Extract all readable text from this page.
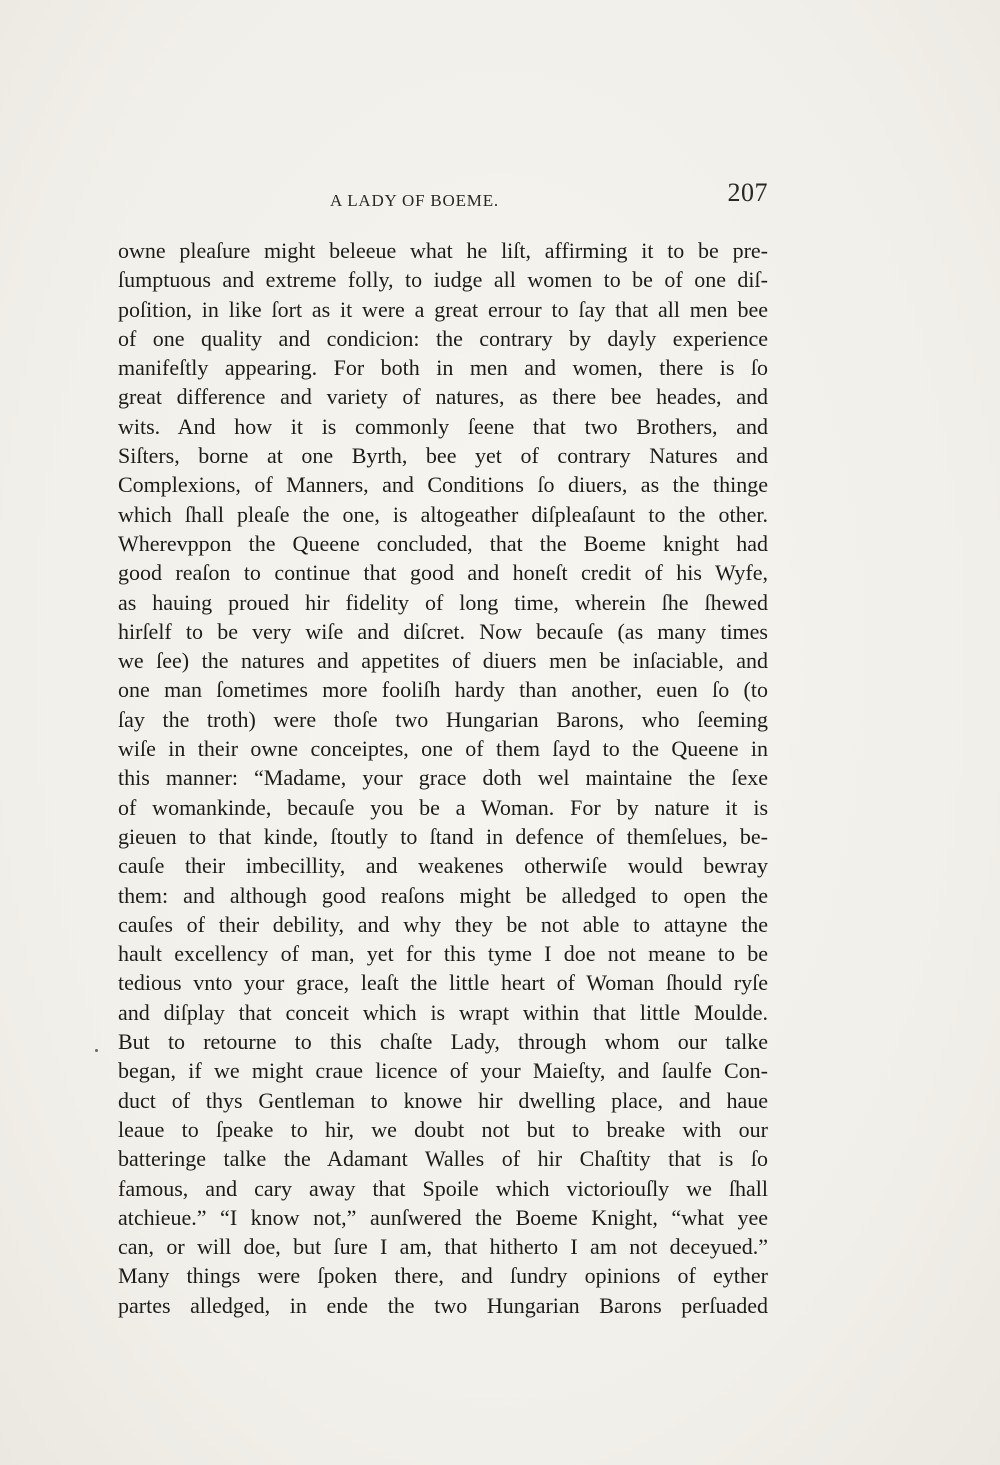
A LADY OF BOEME.	207
owne pleaſure might beleeue what he liſt, affirming it to be pre-
ſumptuous and extreme folly, to iudge all women to be of one diſ-
poſition, in like ſort as it were a great errour to ſay that all men bee
of one quality and condicion: the contrary by dayly experience
manifeſtly appearing. For both in men and women, there is ſo
great difference and variety of natures, as there bee heades, and
wits. And how it is commonly ſeene that two Brothers, and
Siſters, borne at one Byrth, bee yet of contrary Natures and
Complexions, of Manners, and Conditions ſo diuers, as the thinge
which ſhall pleaſe the one, is altogeather diſpleaſaunt to the other.
Wherevppon the Queene concluded, that the Boeme knight had
good reaſon to continue that good and honeſt credit of his Wyfe,
as hauing proued hir fidelity of long time, wherein ſhe ſhewed
hirſelf to be very wiſe and diſcret. Now becauſe (as many times
we ſee) the natures and appetites of diuers men be inſaciable, and
one man ſometimes more fooliſh hardy than another, euen ſo (to
ſay the troth) were thoſe two Hungarian Barons, who ſeeming
wiſe in their owne conceiptes, one of them ſayd to the Queene in
this manner: “Madame, your grace doth wel maintaine the ſexe
of womankinde, becauſe you be a Woman. For by nature it is
gieuen to that kinde, ſtoutly to ſtand in defence of themſelues, be-
cauſe their imbecillity, and weakenes otherwiſe would bewray
them: and although good reaſons might be alledged to open the
cauſes of their debility, and why they be not able to attayne the
hault excellency of man, yet for this tyme I doe not meane to be
tedious vnto your grace, leaſt the little heart of Woman ſhould ryſe
and diſplay that conceit which is wrapt within that little Moulde.
But to retourne to this chaſte Lady, through whom our talke
began, if we might craue licence of your Maieſty, and ſaulfe Con-
duct of thys Gentleman to knowe hir dwelling place, and haue
leaue to ſpeake to hir, we doubt not but to breake with our
batteringe talke the Adamant Walles of hir Chaſtity that is ſo
famous, and cary away that Spoile which victoriouſly we ſhall
atchieue.” “I know not,” aunſwered the Boeme Knight, “what yee
can, or will doe, but ſure I am, that hitherto I am not deceyued.”
Many things were ſpoken there, and ſundry opinions of eyther
partes alledged, in ende the two Hungarian Barons perſuaded
